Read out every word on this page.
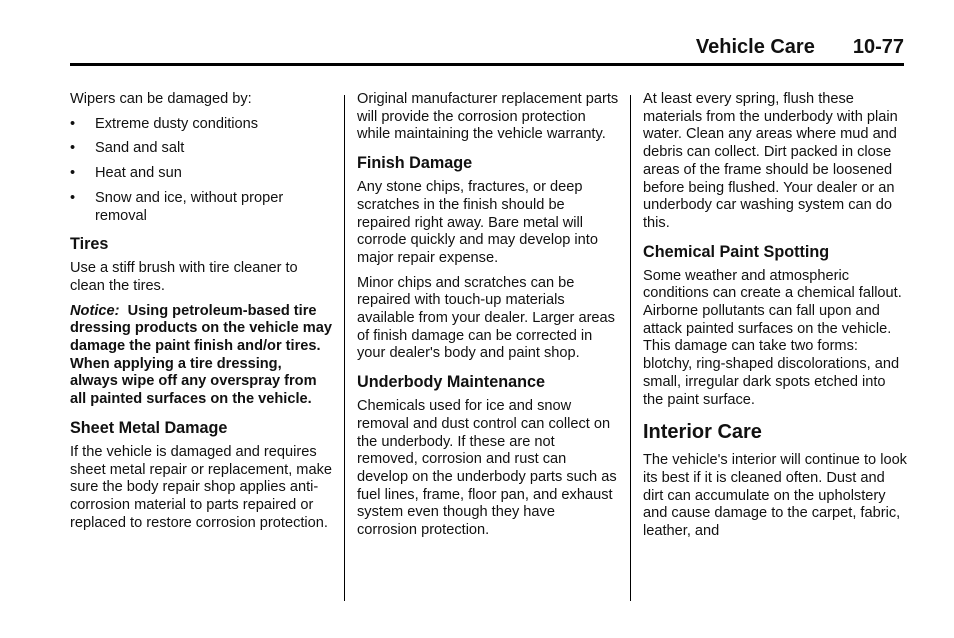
Vehicle Care 10-77

Wipers can be damaged by:

•	Extreme dusty conditions
•	Sand and salt
•	Heat and sun
•	Snow and ice, without proper removal
Tires

Use a stiff brush with tire cleaner to clean the tires.

Notice: Using petroleum-based tire dressing products on the vehicle may damage the paint finish and/or tires. When applying a tire dressing, always wipe off any overspray from all painted surfaces on the vehicle.

Sheet Metal Damage

If the vehicle is damaged and requires sheet metal repair or replacement, make sure the body repair shop applies anti-corrosion material to parts repaired or replaced to restore corrosion protection.

Original manufacturer replacement parts will provide the corrosion protection while maintaining the vehicle warranty.

Finish Damage

Any stone chips, fractures, or deep scratches in the finish should be repaired right away. Bare metal will corrode quickly and may develop into major repair expense.

Minor chips and scratches can be repaired with touch-up materials available from your dealer. Larger areas of finish damage can be corrected in your dealer's body and paint shop.

Underbody Maintenance

Chemicals used for ice and snow removal and dust control can collect on the underbody. If these are not removed, corrosion and rust can develop on the underbody parts such as fuel lines, frame, floor pan, and exhaust system even though they have corrosion protection.

At least every spring, flush these materials from the underbody with plain water. Clean any areas where mud and debris can collect. Dirt packed in close areas of the frame should be loosened before being flushed. Your dealer or an underbody car washing system can do this.

Chemical Paint Spotting

Some weather and atmospheric conditions can create a chemical fallout. Airborne pollutants can fall upon and attack painted surfaces on the vehicle. This damage can take two forms: blotchy, ring-shaped discolorations, and small, irregular dark spots etched into the paint surface.

Interior Care

The vehicle's interior will continue to look its best if it is cleaned often. Dust and dirt can accumulate on the upholstery and cause damage to the carpet, fabric, leather, and
